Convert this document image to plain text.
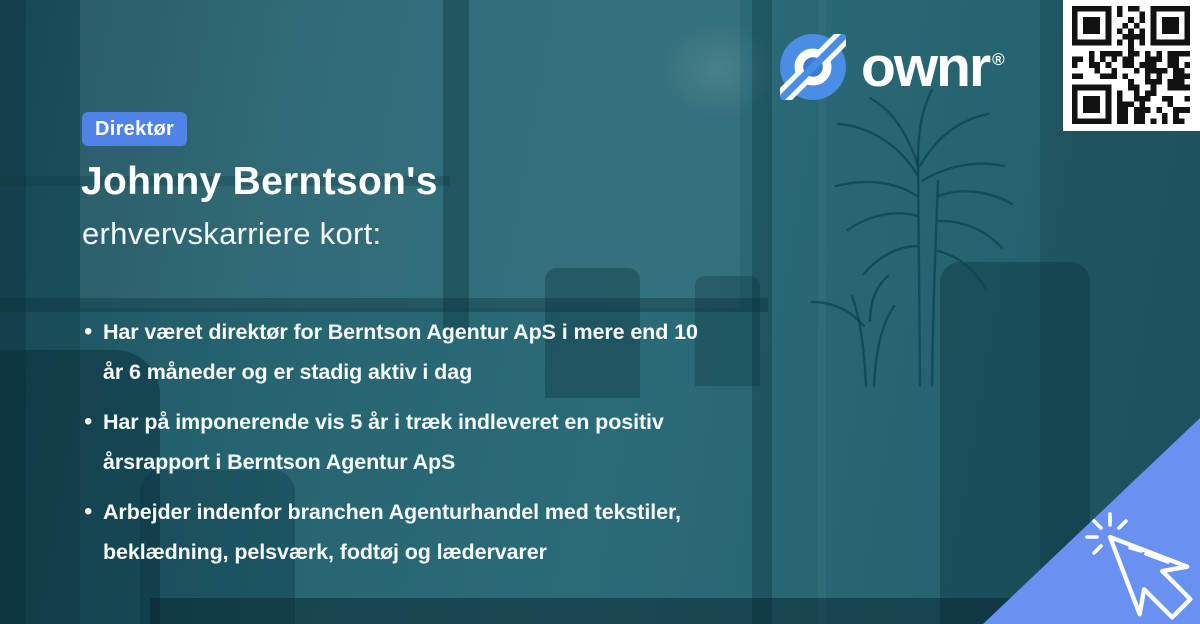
Direktør
Johnny Berntson's
erhvervskarriere kort:
• Har været direktør for Berntson Agentur ApS i mere end 10
år 6 måneder og er stadig aktiv i dag
• Har på imponerende vis 5 år i træk indleveret en positiv
årsrapport i Berntson Agentur ApS
• Arbejder indenfor branchen Agenturhandel med tekstiler,
beklædning, pelsværk, fodtøj og lædervarer
ownr ®
